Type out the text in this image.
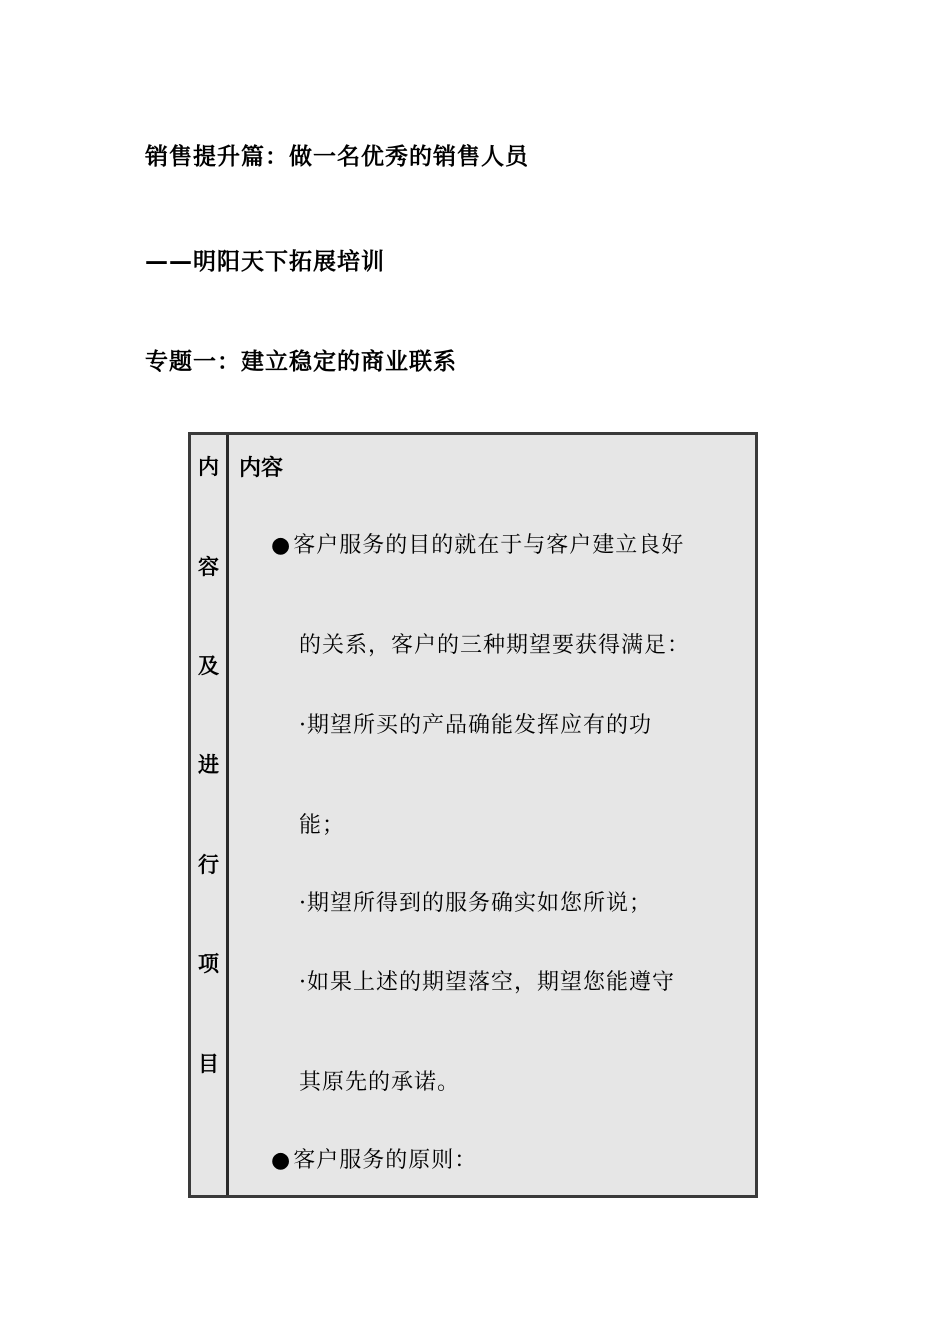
销售提升篇：做一名优秀的销售人员
——明阳天下拓展培训
专题一：建立稳定的商业联系
内
容
及
进
行
项
目
内容
●客户服务的目的就在于与客户建立良好
的关系，客户的三种期望要获得满足：
·期望所买的产品确能发挥应有的功
能；
·期望所得到的服务确实如您所说；
·如果上述的期望落空，期望您能遵守
其原先的承诺。
●客户服务的原则：
